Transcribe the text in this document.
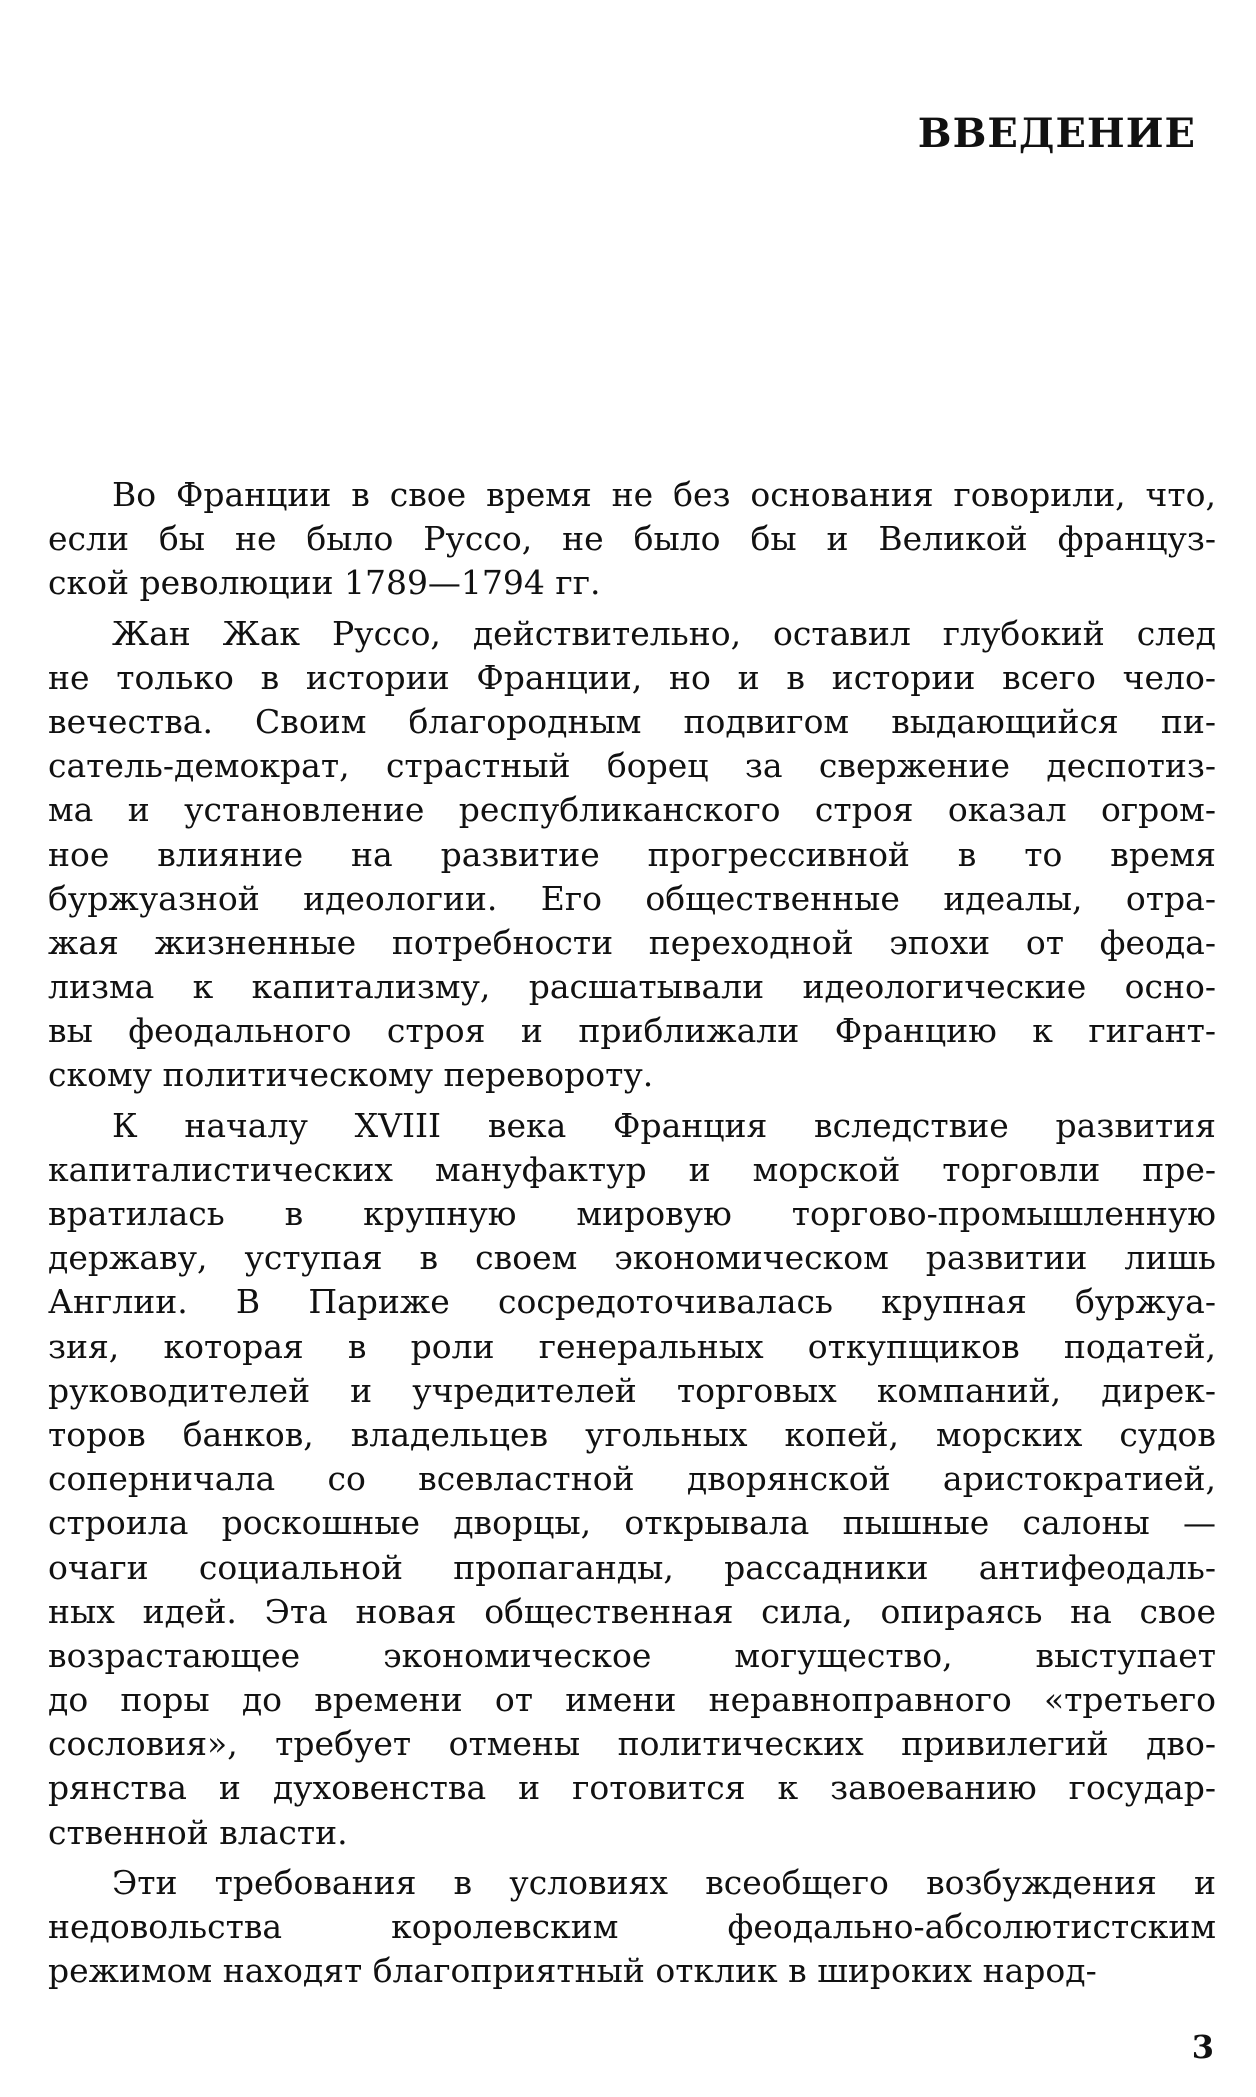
ВВЕДЕНИЕ
Во Франции в свое время не без основания говорили, что,
если бы не было Руссо, не было бы и Великой француз-
ской революции 1789—1794 гг.
Жан Жак Руссо, действительно, оставил глубокий след
не только в истории Франции, но и в истории всего чело-
вечества. Своим благородным подвигом выдающийся пи-
сатель-демократ, страстный борец за свержение деспотиз-
ма и установление республиканского строя оказал огром-
ное влияние на развитие прогрессивной в то время
буржуазной идеологии. Его общественные идеалы, отра-
жая жизненные потребности переходной эпохи от феода-
лизма к капитализму, расшатывали идеологические осно-
вы феодального строя и приближали Францию к гигант-
скому политическому перевороту.
К началу XVIII века Франция вследствие развития
капиталистических мануфактур и морской торговли пре-
вратилась в крупную мировую торгово-промышленную
державу, уступая в своем экономическом развитии лишь
Англии. В Париже сосредоточивалась крупная буржуа-
зия, которая в роли генеральных откупщиков податей,
руководителей и учредителей торговых компаний, дирек-
торов банков, владельцев угольных копей, морских судов
соперничала со всевластной дворянской аристократией,
строила роскошные дворцы, открывала пышные салоны —
очаги социальной пропаганды, рассадники антифеодаль-
ных идей. Эта новая общественная сила, опираясь на свое
возрастающее экономическое могущество, выступает
до поры до времени от имени неравноправного «третьего
сословия», требует отмены политических привилегий дво-
рянства и духовенства и готовится к завоеванию государ-
ственной власти.
Эти требования в условиях всеобщего возбуждения и
недовольства королевским феодально-абсолютистским
режимом находят благоприятный отклик в широких народ-
3
